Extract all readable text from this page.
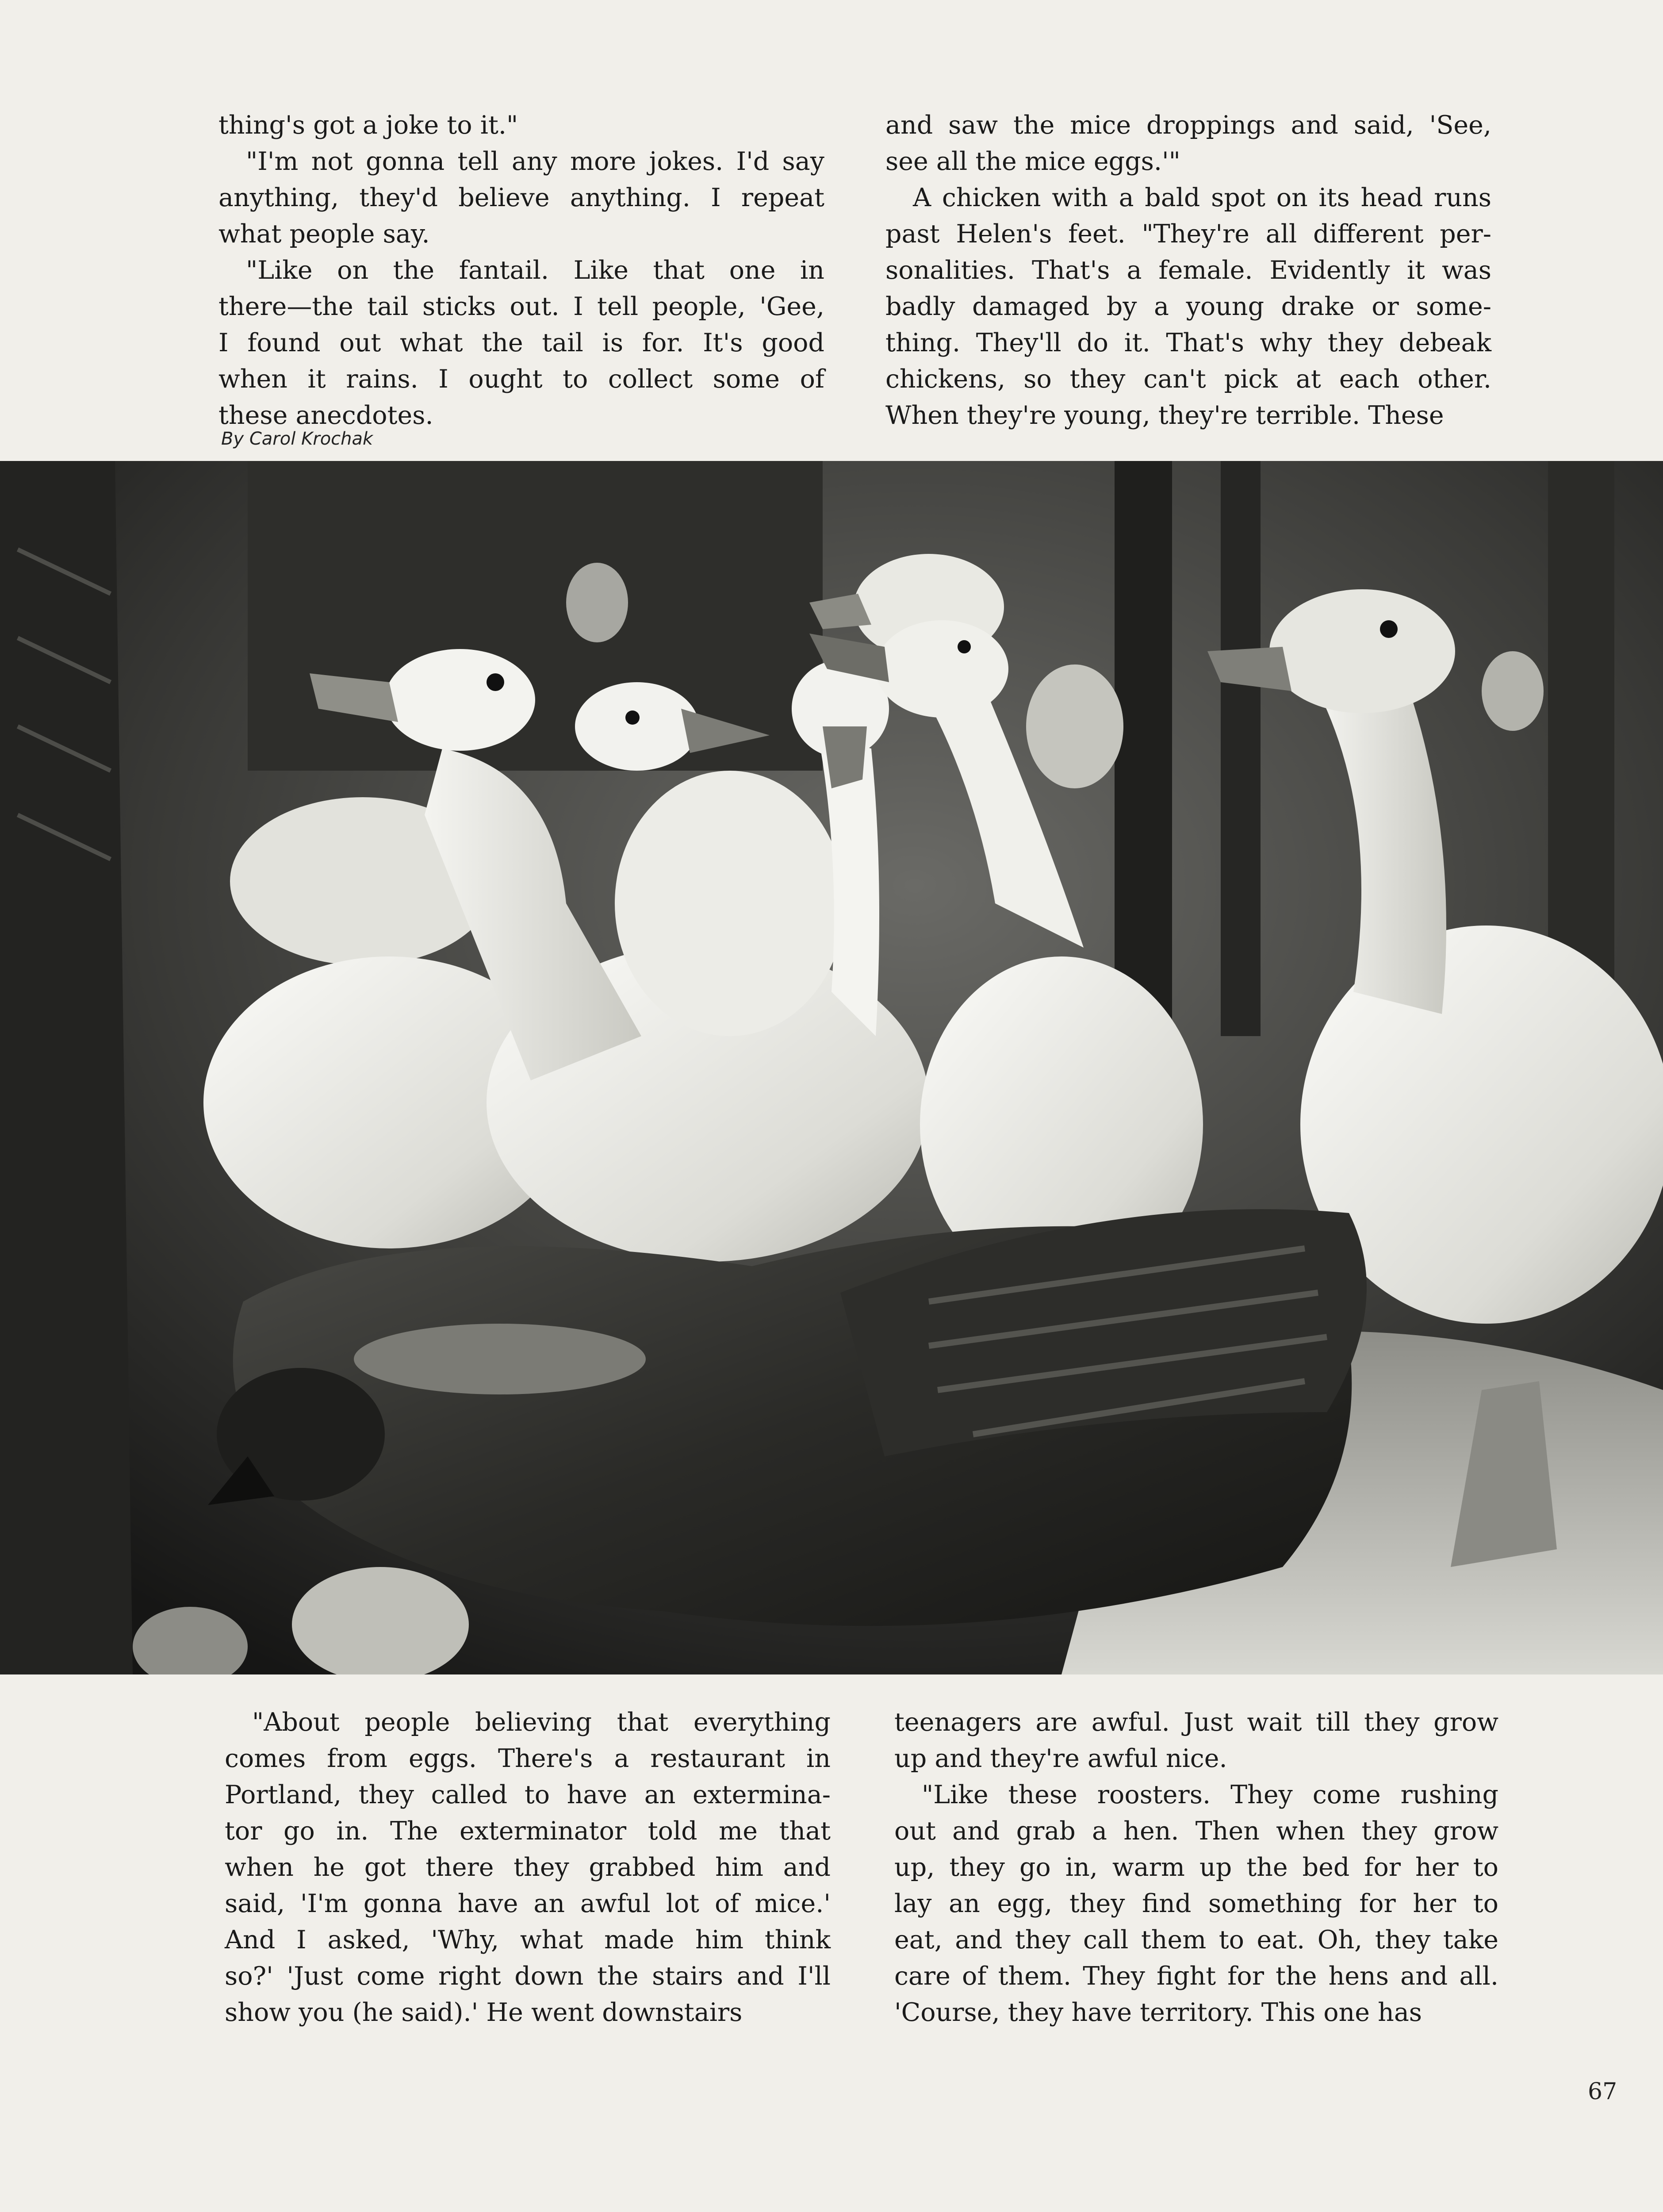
thing's got a joke to it."
"I'm not gonna tell any more jokes. I'd say
anything, they'd believe anything. I repeat
what people say.
"Like on the fantail. Like that one in
there—the tail sticks out. I tell people, 'Gee,
I found out what the tail is for. It's good
when it rains. I ought to collect some of
these anecdotes.
By Carol Krochak
and saw the mice droppings and said, 'See,
see all the mice eggs.'"
A chicken with a bald spot on its head runs
past Helen's feet. "They're all different per-
sonalities. That's a female. Evidently it was
badly damaged by a young drake or some-
thing. They'll do it. That's why they debeak
chickens, so they can't pick at each other.
When they're young, they're terrible. These
"About people believing that everything
comes from eggs. There's a restaurant in
Portland, they called to have an extermina-
tor go in. The exterminator told me that
when he got there they grabbed him and
said, 'I'm gonna have an awful lot of mice.'
And I asked, 'Why, what made him think
so?' 'Just come right down the stairs and I'll
show you (he said).' He went downstairs
teenagers are awful. Just wait till they grow
up and they're awful nice.
"Like these roosters. They come rushing
out and grab a hen. Then when they grow
up, they go in, warm up the bed for her to
lay an egg, they find something for her to
eat, and they call them to eat. Oh, they take
care of them. They fight for the hens and all.
'Course, they have territory. This one has
67
